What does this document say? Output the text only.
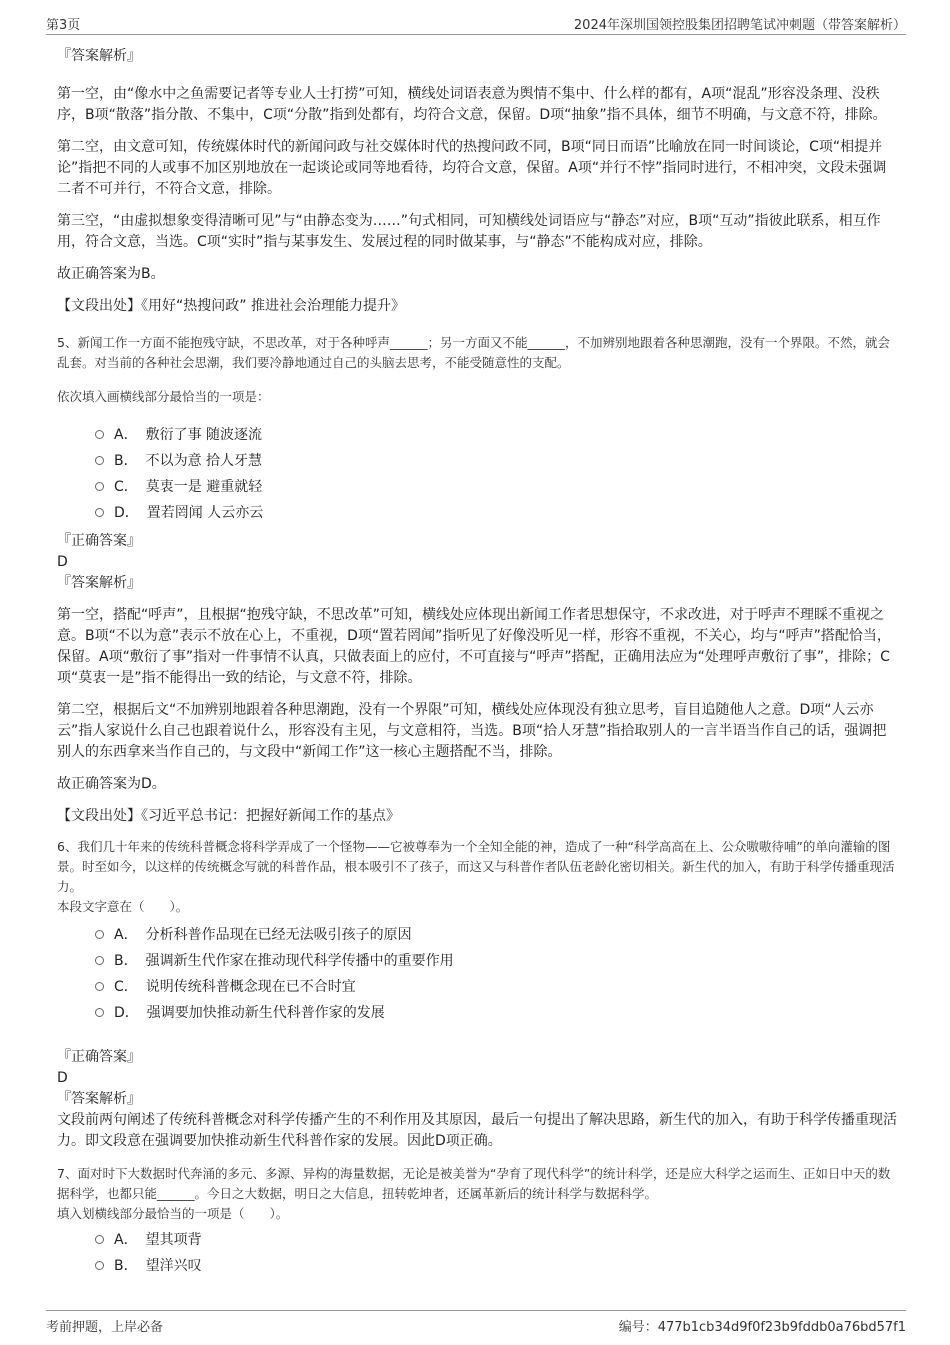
第3页	2024年深圳国领控股集团招聘笔试冲刺题（带答案解析）

『答案解析』

第一空，由“像水中之鱼需要记者等专业人士打捞”可知，横线处词语表意为舆情不集中、什么样的都有，A项“混乱”形容没条理、没秩序，B项“散落”指分散、不集中，C项“分散”指到处都有，均符合文意，保留。D项“抽象”指不具体，细节不明确，与文意不符，排除。

第二空，由文意可知，传统媒体时代的新闻问政与社交媒体时代的热搜问政不同，B项“同日而语”比喻放在同一时间谈论，C项“相提并论”指把不同的人或事不加区别地放在一起谈论或同等地看待，均符合文意，保留。A项“并行不悖”指同时进行，不相冲突，文段未强调二者不可并行，不符合文意，排除。

第三空，“由虚拟想象变得清晰可见”与“由静态变为……”句式相同，可知横线处词语应与“静态”对应，B项“互动”指彼此联系，相互作用，符合文意，当选。C项“实时”指与某事发生、发展过程的同时做某事，与“静态”不能构成对应，排除。

故正确答案为B。

【文段出处】《用好“热搜问政” 推进社会治理能力提升》

5、新闻工作一方面不能抱残守缺，不思改革，对于各种呼声______；另一方面又不能______，不加辨别地跟着各种思潮跑，没有一个界限。不然，就会乱套。对当前的各种社会思潮，我们要冷静地通过自己的头脑去思考，不能受随意性的支配。

依次填入画横线部分最恰当的一项是：

A． 敷衍了事 随波逐流
B． 不以为意 拾人牙慧
C． 莫衷一是 避重就轻
D． 置若罔闻 人云亦云

『正确答案』

D

『答案解析』

第一空，搭配“呼声”，且根据“抱残守缺，不思改革”可知，横线处应体现出新闻工作者思想保守，不求改进，对于呼声不理睬不重视之意。B项“不以为意”表示不放在心上，不重视，D项“置若罔闻”指听见了好像没听见一样，形容不重视，不关心，均与“呼声”搭配恰当，保留。A项“敷衍了事”指对一件事情不认真，只做表面上的应付，不可直接与“呼声”搭配，正确用法应为“处理呼声敷衍了事”，排除；C项“莫衷一是”指不能得出一致的结论，与文意不符，排除。

第二空，根据后文“不加辨别地跟着各种思潮跑，没有一个界限”可知，横线处应体现没有独立思考，盲目追随他人之意。D项“人云亦云”指人家说什么自己也跟着说什么，形容没有主见，与文意相符，当选。B项“拾人牙慧”指拾取别人的一言半语当作自己的话，强调把别人的东西拿来当作自己的，与文段中“新闻工作”这一核心主题搭配不当，排除。

故正确答案为D。

【文段出处】《习近平总书记：把握好新闻工作的基点》

6、我们几十年来的传统科普概念将科学弄成了一个怪物——它被尊奉为一个全知全能的神，造成了一种“科学高高在上、公众嗷嗷待哺”的单向灌输的图景。时至如今，以这样的传统概念写就的科普作品，根本吸引不了孩子，而这又与科普作者队伍老龄化密切相关。新生代的加入，有助于科学传播重现活力。

本段文字意在（　　）。

A． 分析科普作品现在已经无法吸引孩子的原因
B． 强调新生代作家在推动现代科学传播中的重要作用
C． 说明传统科普概念现在已不合时宜
D． 强调要加快推动新生代科普作家的发展

『正确答案』

D

『答案解析』

文段前两句阐述了传统科普概念对科学传播产生的不利作用及其原因，最后一句提出了解决思路，新生代的加入，有助于科学传播重现活力。即文段意在强调要加快推动新生代科普作家的发展。因此D项正确。

7、面对时下大数据时代奔涌的多元、多源、异构的海量数据，无论是被美誉为“孕育了现代科学”的统计科学，还是应大科学之运而生、正如日中天的数据科学，也都只能______。今日之大数据，明日之大信息，扭转乾坤者，还属革新后的统计科学与数据科学。

填入划横线部分最恰当的一项是（　　）。

A． 望其项背
B． 望洋兴叹
考前押题，上岸必备	编号：477b1cb34d9f0f23b9fddb0a76bd57f1
